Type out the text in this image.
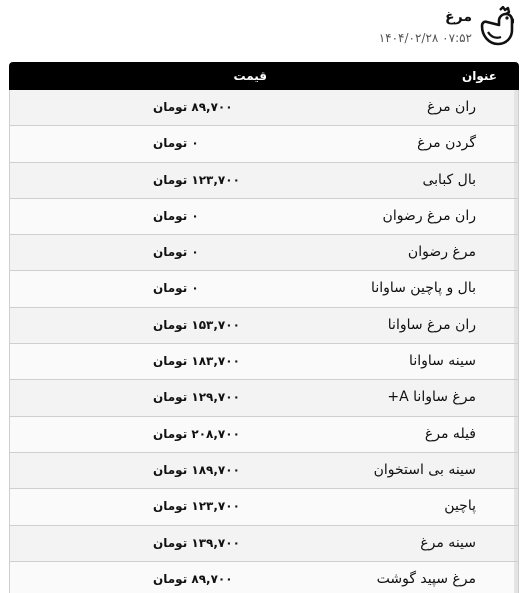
مرغ
۰۷:۵۲ ۱۴۰۴/۰۲/۲۸
عنوان
قیمت
ران مرغ
۸۹,۷۰۰ تومان
گردن مرغ
۰ تومان
بال کبابی
۱۲۳,۷۰۰ تومان
ران مرغ رضوان
۰ تومان
مرغ رضوان
۰ تومان
بال و پاچین ساوانا
۰ تومان
ران مرغ ساوانا
۱۵۳,۷۰۰ تومان
سینه ساوانا
۱۸۳,۷۰۰ تومان
مرغ ساوانا A+
۱۲۹,۷۰۰ تومان
فیله مرغ
۲۰۸,۷۰۰ تومان
سینه بی استخوان
۱۸۹,۷۰۰ تومان
پاچین
۱۲۳,۷۰۰ تومان
سینه مرغ
۱۳۹,۷۰۰ تومان
مرغ سپید گوشت
۸۹,۷۰۰ تومان
